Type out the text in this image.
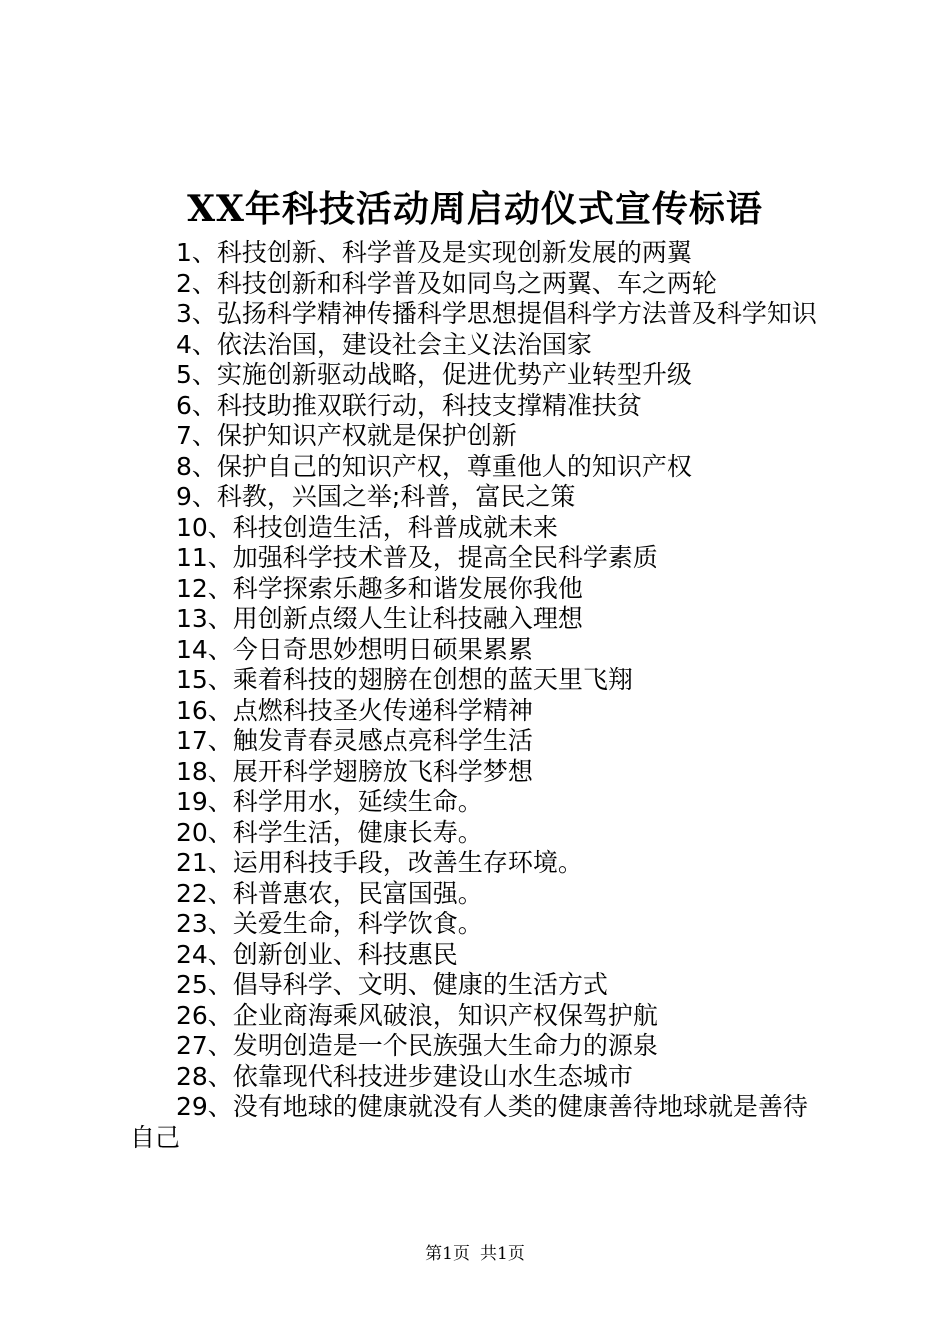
XX年科技活动周启动仪式宣传标语
1、科技创新、科学普及是实现创新发展的两翼
2、科技创新和科学普及如同鸟之两翼、车之两轮
3、弘扬科学精神传播科学思想提倡科学方法普及科学知识
4、依法治国，建设社会主义法治国家
5、实施创新驱动战略，促进优势产业转型升级
6、科技助推双联行动，科技支撑精准扶贫
7、保护知识产权就是保护创新
8、保护自己的知识产权，尊重他人的知识产权
9、科教，兴国之举;科普，富民之策
10、科技创造生活，科普成就未来
11、加强科学技术普及，提高全民科学素质
12、科学探索乐趣多和谐发展你我他
13、用创新点缀人生让科技融入理想
14、今日奇思妙想明日硕果累累
15、乘着科技的翅膀在创想的蓝天里飞翔
16、点燃科技圣火传递科学精神
17、触发青春灵感点亮科学生活
18、展开科学翅膀放飞科学梦想
19、科学用水，延续生命。
20、科学生活，健康长寿。
21、运用科技手段，改善生存环境。
22、科普惠农，民富国强。
23、关爱生命，科学饮食。
24、创新创业、科技惠民
25、倡导科学、文明、健康的生活方式
26、企业商海乘风破浪，知识产权保驾护航
27、发明创造是一个民族强大生命力的源泉
28、依靠现代科技进步建设山水生态城市
29、没有地球的健康就没有人类的健康善待地球就是善待自己
第1页 共1页
